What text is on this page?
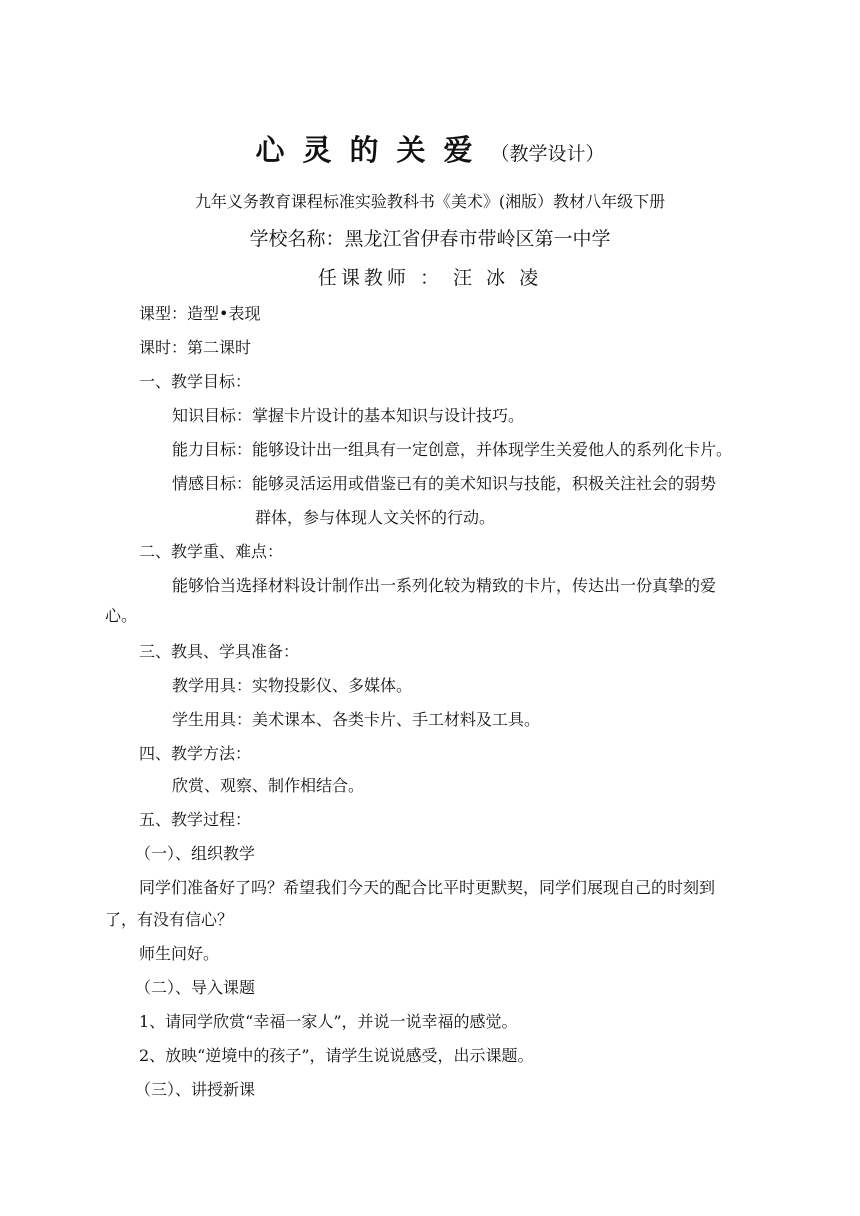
心灵的关爱（教学设计）
九年义务教育课程标准实验教科书《美术》(湘版）教材八年级下册
学校名称：黑龙江省伊春市带岭区第一中学
任课教师 ： 汪 冰 凌
课型：造型•表现
课时：第二课时
一、教学目标：
知识目标：掌握卡片设计的基本知识与设计技巧。
能力目标：能够设计出一组具有一定创意，并体现学生关爱他人的系列化卡片。
情感目标：能够灵活运用或借鉴已有的美术知识与技能，积极关注社会的弱势
群体，参与体现人文关怀的行动。
二、教学重、难点：
能够恰当选择材料设计制作出一系列化较为精致的卡片，传达出一份真挚的爱
心。
三、教具、学具准备：
教学用具：实物投影仪、多媒体。
学生用具：美术课本、各类卡片、手工材料及工具。
四、教学方法：
欣赏、观察、制作相结合。
五、教学过程：
（一）、组织教学
同学们准备好了吗？希望我们今天的配合比平时更默契，同学们展现自己的时刻到
了，有没有信心？
师生问好。
（二）、导入课题
1、请同学欣赏“幸福一家人”，并说一说幸福的感觉。
2、放映“逆境中的孩子”，请学生说说感受，出示课题。
（三）、讲授新课
